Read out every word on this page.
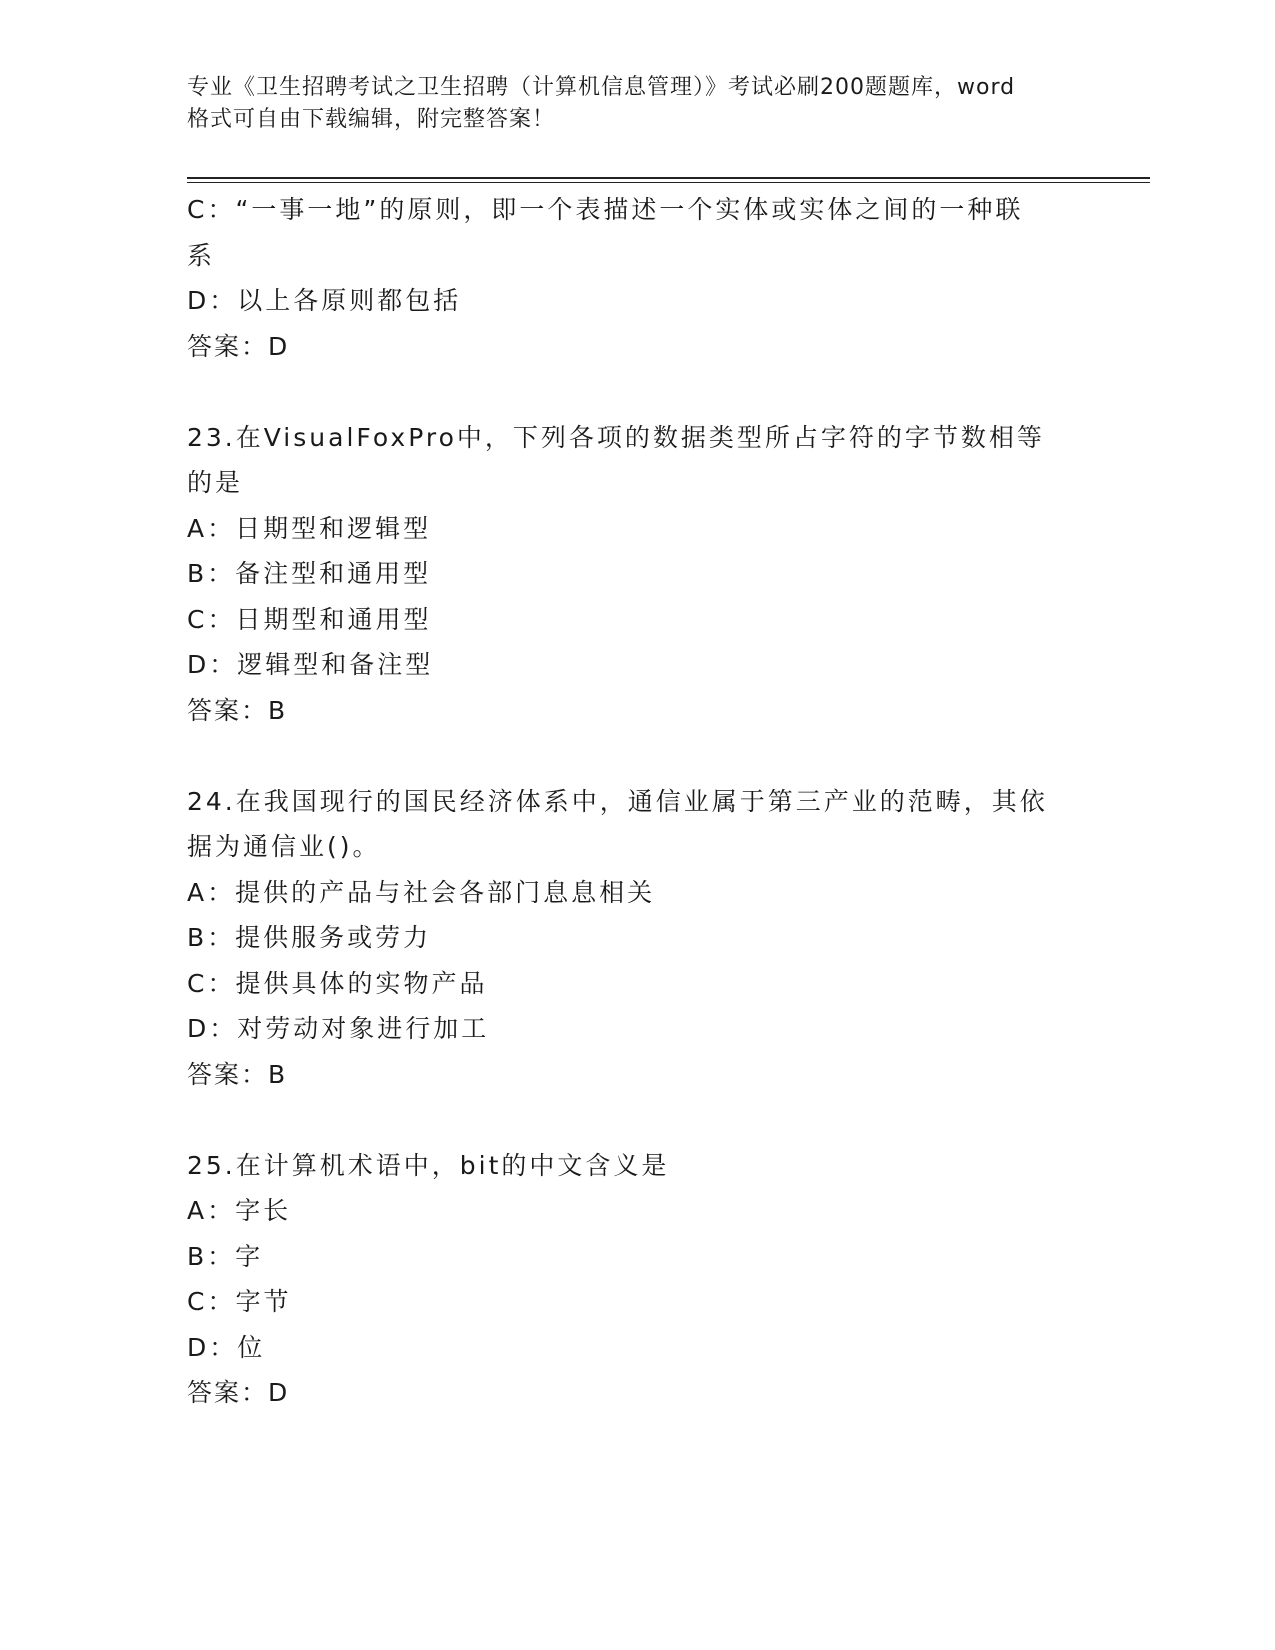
专业《卫生招聘考试之卫生招聘（计算机信息管理）》考试必刷200题题库，word
格式可自由下载编辑，附完整答案！
C：“一事一地”的原则，即一个表描述一个实体或实体之间的一种联
系
D：以上各原则都包括
答案：D
23.在VisualFoxPro中，下列各项的数据类型所占字符的字节数相等
的是
A：日期型和逻辑型
B：备注型和通用型
C：日期型和通用型
D：逻辑型和备注型
答案：B
24.在我国现行的国民经济体系中，通信业属于第三产业的范畴，其依
据为通信业()。
A：提供的产品与社会各部门息息相关
B：提供服务或劳力
C：提供具体的实物产品
D：对劳动对象进行加工
答案：B
25.在计算机术语中，bit的中文含义是
A：字长
B：字
C：字节
D：位
答案：D
